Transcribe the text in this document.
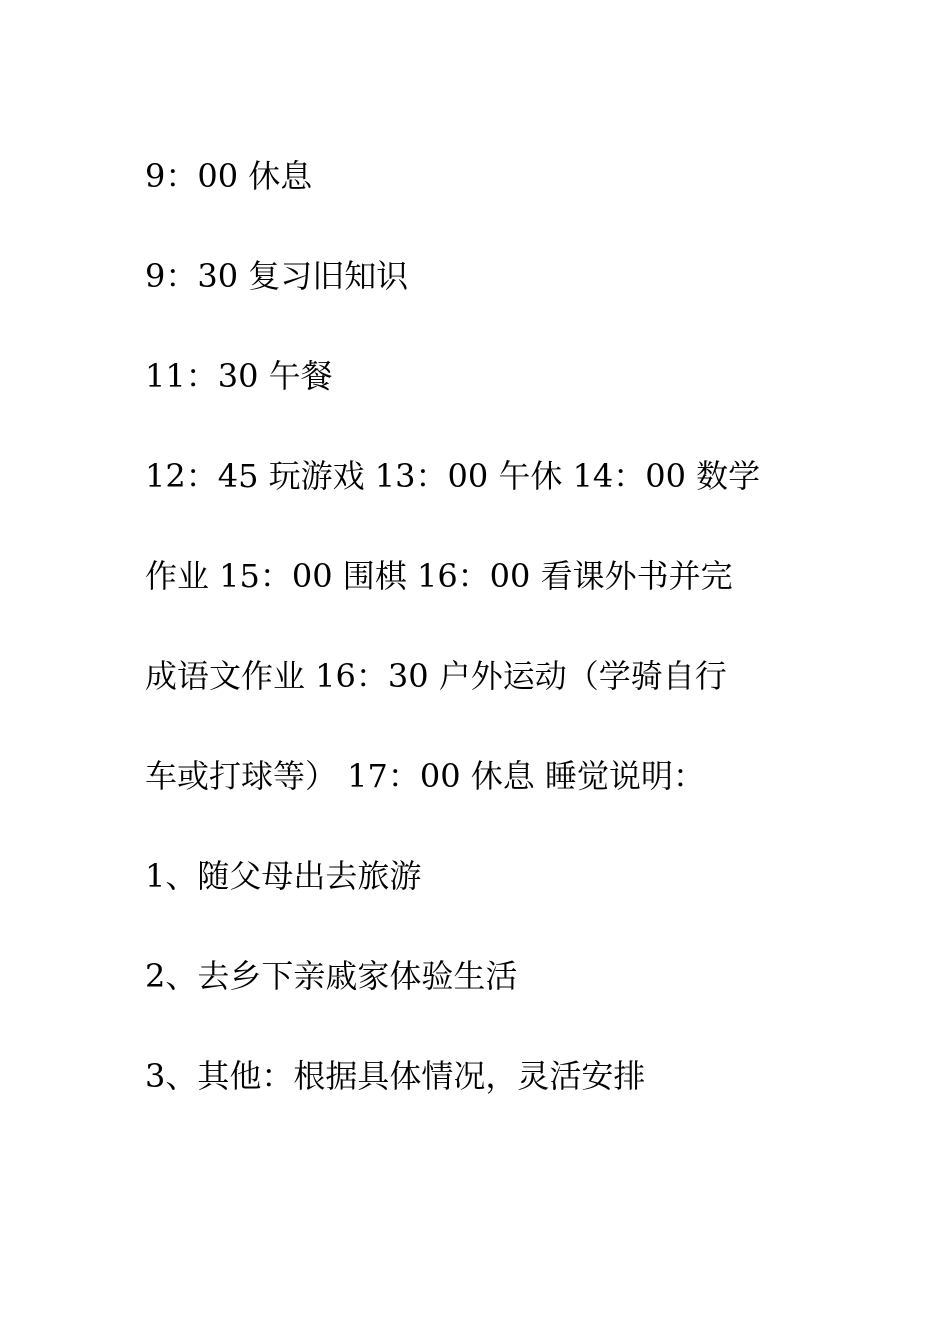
9：00 休息

9：30 复习旧知识

11：30 午餐

12：45 玩游戏 13：00 午休 14：00 数学

作业 15：00 围棋 16：00 看课外书并完

成语文作业 16：30 户外运动（学骑自行

车或打球等） 17：00 休息 睡觉说明：

1、随父母出去旅游

2、去乡下亲戚家体验生活

3、其他：根据具体情况，灵活安排
